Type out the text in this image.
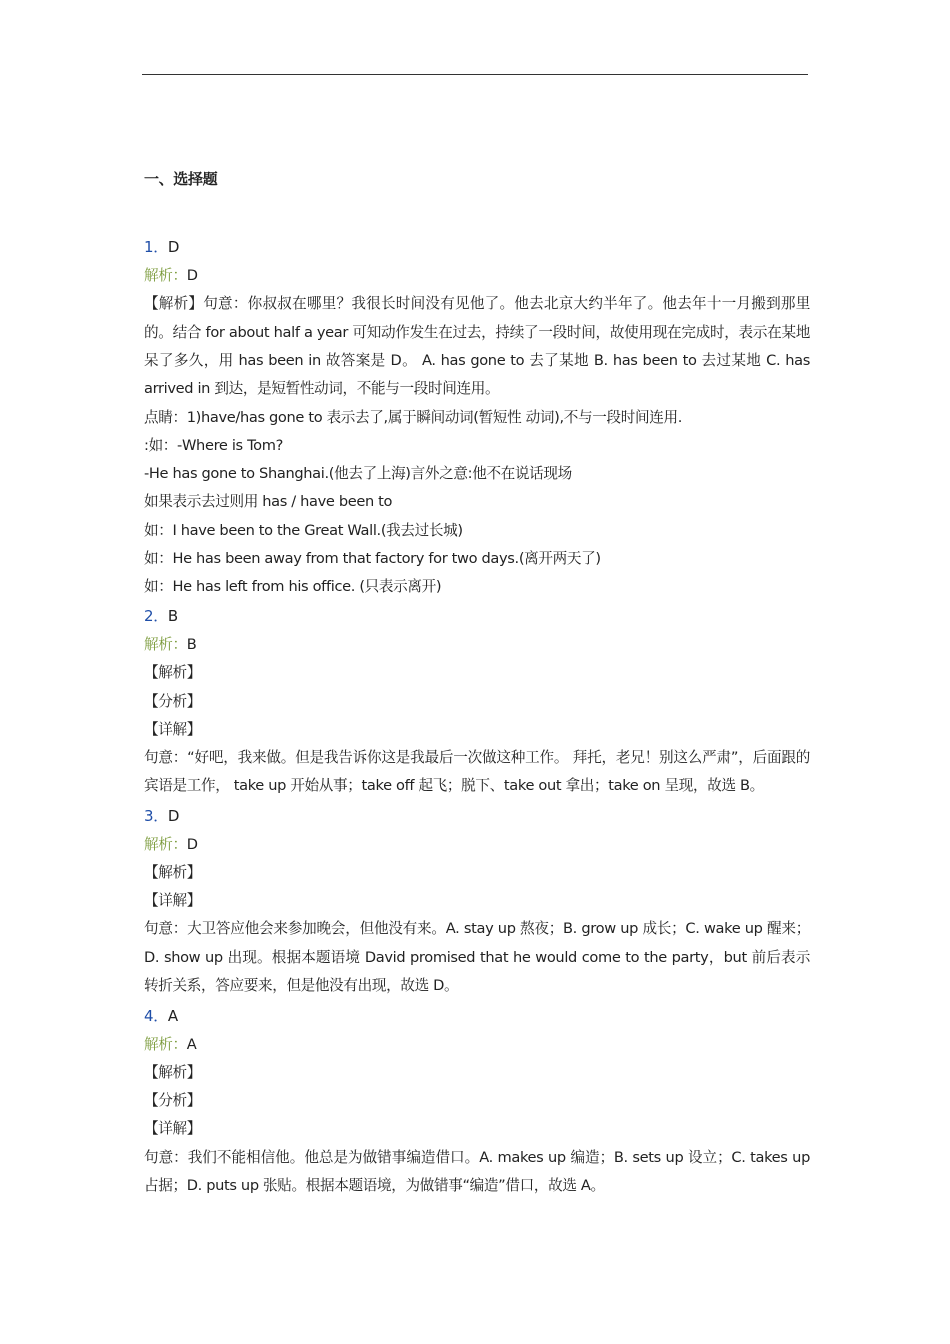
一、选择题
1．D
解析：D
【解析】句意：你叔叔在哪里？我很长时间没有见他了。他去北京大约半年了。他去年十一月搬到那里的。结合 for about half a year 可知动作发生在过去，持续了一段时间，故使用现在完成时，表示在某地呆了多久，用 has been in 故答案是 D。 A. has gone to 去了某地 B. has been to 去过某地 C. has arrived in 到达，是短暂性动词，不能与一段时间连用。
点睛：1)have/has gone to 表示去了,属于瞬间动词(暂短性 动词),不与一段时间连用.
:如：-Where is Tom?
-He has gone to Shanghai.(他去了上海)言外之意:他不在说话现场
如果表示去过则用 has / have been to
如：I have been to the Great Wall.(我去过长城)
如：He has been away from that factory for two days.(离开两天了)
如：He has left from his office. (只表示离开)
2．B
解析：B
【解析】
【分析】
【详解】
句意：“好吧，我来做。但是我告诉你这是我最后一次做这种工作。 拜托，老兄！别这么严肃”，后面跟的宾语是工作， take up 开始从事；take off 起飞；脱下、take out 拿出；take on 呈现，故选 B。
3．D
解析：D
【解析】
【详解】
句意：大卫答应他会来参加晚会，但他没有来。A. stay up 熬夜；B. grow up 成长；C. wake up 醒来；D. show up 出现。根据本题语境 David promised that he would come to the party，but 前后表示转折关系，答应要来，但是他没有出现，故选 D。
4．A
解析：A
【解析】
【分析】
【详解】
句意：我们不能相信他。他总是为做错事编造借口。A. makes up 编造；B. sets up 设立；C. takes up 占据；D. puts up 张贴。根据本题语境，为做错事“编造”借口，故选 A。
